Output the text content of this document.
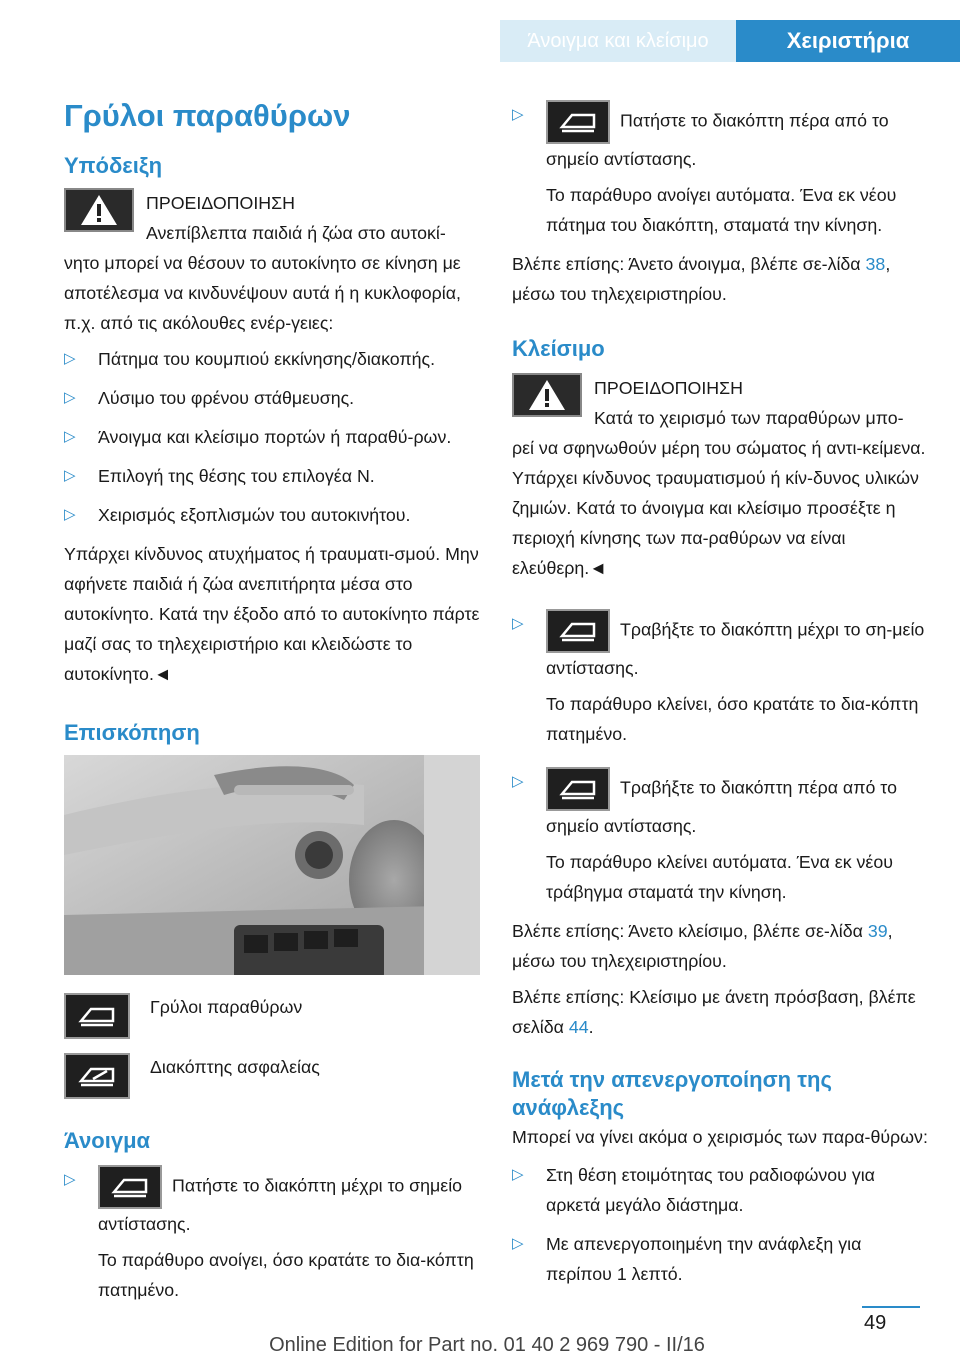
Άνοιγμα και κλείσιμο	Χειριστήρια
Γρύλοι παραθύρων
Υπόδειξη

ΠΡΟΕΙΔΟΠΟΙΗΣΗ

Ανεπίβλεπτα παιδιά ή ζώα στο αυτοκί-

νητο μπορεί να θέσουν το αυτοκίνητο σε κίνηση με αποτέλεσμα να κινδυνέψουν αυτά ή η κυκλοφορία, π.χ. από τις ακόλουθες ενέρ-γειες:

▷ Πάτημα του κουμπιού εκκίνησης/διακοπής.
▷ Λύσιμο του φρένου στάθμευσης.
▷ Άνοιγμα και κλείσιμο πορτών ή παραθύ-ρων.
▷ Επιλογή της θέσης του επιλογέα N.
▷ Χειρισμός εξοπλισμών του αυτοκινήτου.

Υπάρχει κίνδυνος ατυχήματος ή τραυματι-σμού. Μην αφήνετε παιδιά ή ζώα ανεπιτήρητα μέσα στο αυτοκίνητο. Κατά την έξοδο από το αυτοκίνητο πάρτε μαζί σας το τηλεχειριστήριο και κλειδώστε το αυτοκίνητο.◄

Επισκόπηση
Γρύλοι παραθύρων
Διακόπτης ασφαλείας
Άνοιγμα
▷ Πατήστε το διακόπτη μέχρι το σημείο αντίστασης.

Το παράθυρο ανοίγει, όσο κρατάτε το δια-κόπτη πατημένο.

▷ Πατήστε το διακόπτη πέρα από το σημείο αντίστασης.

Το παράθυρο ανοίγει αυτόματα. Ένα εκ νέου πάτημα του διακόπτη, σταματά την κίνηση.

Βλέπε επίσης: Άνετο άνοιγμα, βλέπε σε-λίδα 38, μέσω του τηλεχειριστηρίου.

Κλείσιμο

ΠΡΟΕΙΔΟΠΟΙΗΣΗ

Κατά το χειρισμό των παραθύρων μπο-

ρεί να σφηνωθούν μέρη του σώματος ή αντι-κείμενα. Υπάρχει κίνδυνος τραυματισμού ή κίν-δυνος υλικών ζημιών. Κατά το άνοιγμα και κλείσιμο προσέξτε η περιοχή κίνησης των πα-ραθύρων να είναι ελεύθερη.◄

▷ Τραβήξτε το διακόπτη μέχρι το ση-μείο αντίστασης.

Το παράθυρο κλείνει, όσο κρατάτε το δια-κόπτη πατημένο.

▷ Τραβήξτε το διακόπτη πέρα από το σημείο αντίστασης.

Το παράθυρο κλείνει αυτόματα. Ένα εκ νέου τράβηγμα σταματά την κίνηση.

Βλέπε επίσης: Άνετο κλείσιμο, βλέπε σε-λίδα 39, μέσω του τηλεχειριστηρίου.

Βλέπε επίσης: Κλείσιμο με άνετη πρόσβαση, βλέπε σελίδα 44.

Μετά την απενεργοποίηση της ανάφλεξης

Μπορεί να γίνει ακόμα ο χειρισμός των παρα-θύρων:

▷ Στη θέση ετοιμότητας του ραδιοφώνου για αρκετά μεγάλο διάστημα.
▷ Με απενεργοποιημένη την ανάφλεξη για περίπου 1 λεπτό.
49
Online Edition for Part no. 01 40 2 969 790 - II/16
